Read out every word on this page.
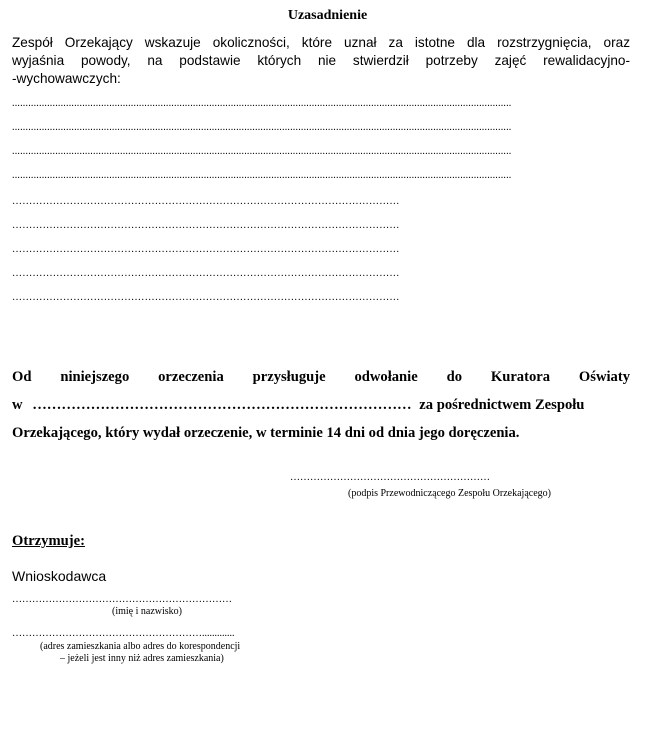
Uzasadnienie
Zespół Orzekający wskazuje okoliczności, które uznał za istotne dla rozstrzygnięcia, oraz
wyjaśnia powody, na podstawie których nie stwierdził potrzeby zajęć rewalidacyjno-
-wychowawczych:
.........................................................................................................................................................................................
.........................................................................................................................................................................................
.........................................................................................................................................................................................
.........................................................................................................................................................................................
……………………………………………………………………………………………………
……………………………………………………………………………………………………
……………………………………………………………………………………………………
……………………………………………………………………………………………………
……………………………………………………………………………………………………
Od niniejszego orzeczenia przysługuje odwołanie do Kuratora Oświaty
w …………………………………………………………………… za pośrednictwem Zespołu
Orzekającego, który wydał orzeczenie, w terminie 14 dni od dnia jego doręczenia.
……………………………………………………
(podpis Przewodniczącego Zespołu Orzekającego)
Otrzymuje:
Wnioskodawca
…………………………………………………………
(imię i nazwisko)
………………………………………………….............
(adres zamieszkania albo adres do korespondencji
– jeżeli jest inny niż adres zamieszkania)
